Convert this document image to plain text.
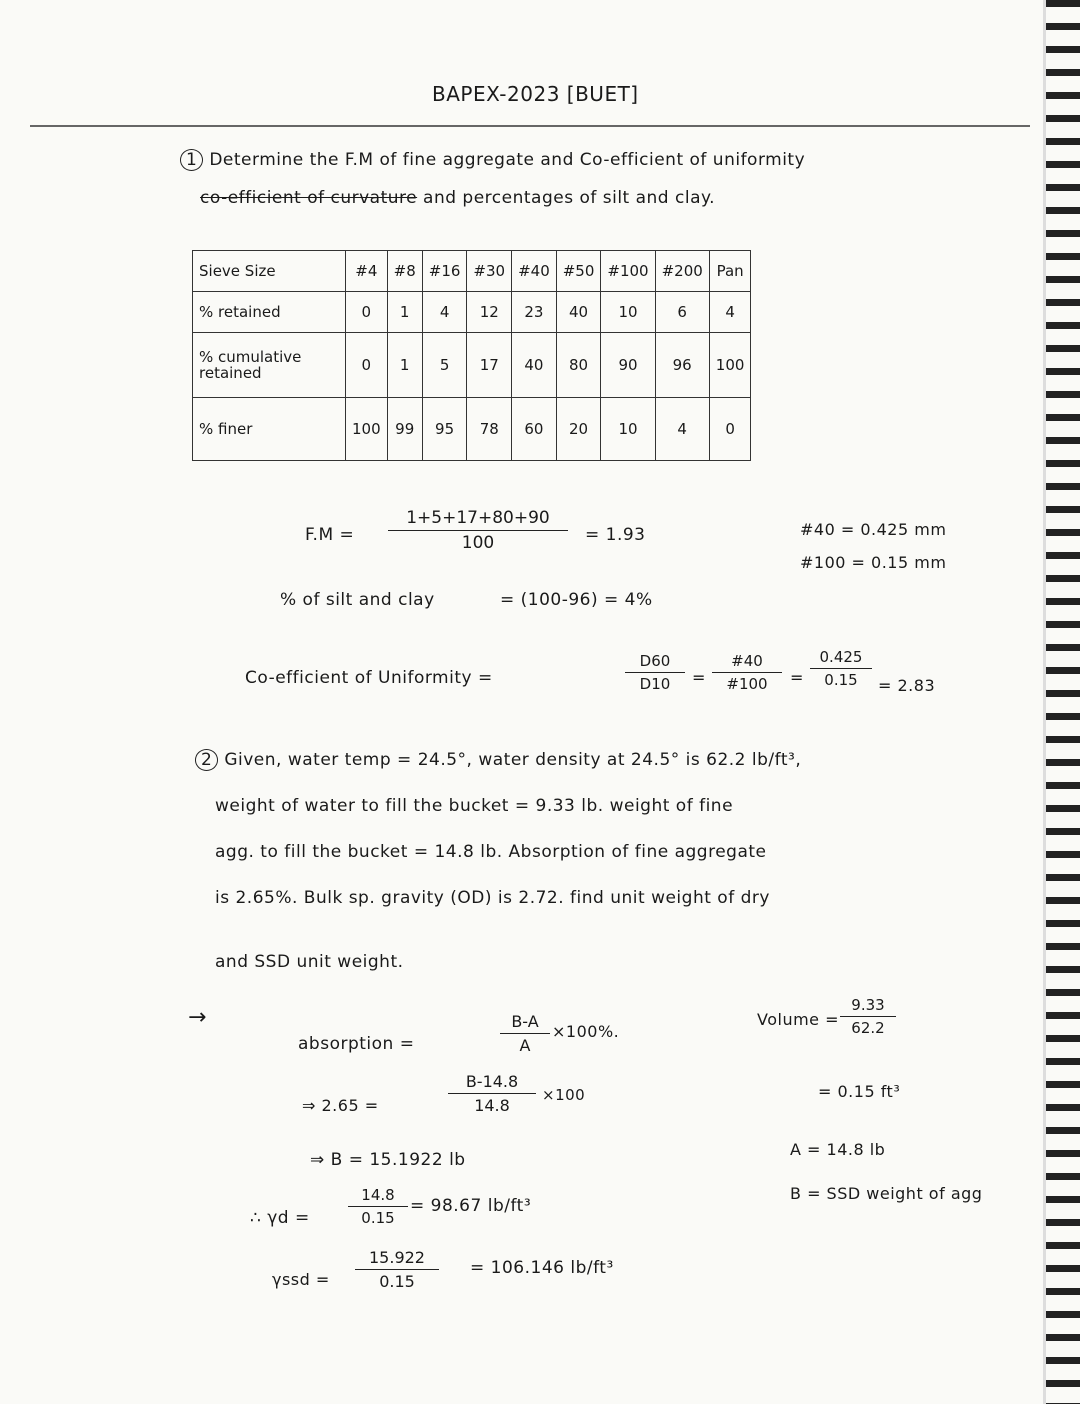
BAPEX-2023 [BUET]
1 Determine the F.M of fine aggregate and Co-efficient of uniformity
co-efficient of curvature and percentages of silt and clay.
Sieve Size	#4	#8	#16	#30	#40	#50	#100	#200	Pan
% retained	0	1	4	12	23	40	10	6	4
% cumulative retained	0	1	5	17	40	80	90	96	100
% finer	100	99	95	78	60	20	10	4	0
$F.M = \frac{1+5+17+80+90}{100} = 1.93$	#40 = 0.425 mm
#100 = 0.15 mm
% of silt and clay	= (100-96) = 4%
Co-efficient of Uniformity =	$\frac{D60}{D10} = \frac{\#40}{\#100} = \frac{0.425}{0.15} = 2.83$
2 Given, water temp = 24.5°, water density at 24.5° is 62.2 lb/ft³,
weight of water to fill the bucket = 9.33 lb. weight of fine
agg. to fill the bucket = 14.8 lb. Absorption of fine aggregate
is 2.65%. Bulk sp. gravity (OD) is 2.72. find unit weight of dry
and SSD unit weight.
→
absorption =	$\frac{B-A}{A} \times 100\%$.
⇒ 2.65 =	$\frac{B-14.8}{14.8} \times 100$
⇒ B = 15.1922 lb
Volume = $\frac{9.33}{62.2}$
= 0.15 ft³
A = 14.8 lb
B = SSD weight of agg
∴ γd =	$\frac{14.8}{0.15} = 98.67$ lb/ft³
$\gamma ssd = \frac{15.922}{0.15} = 106.146$ lb/ft³
